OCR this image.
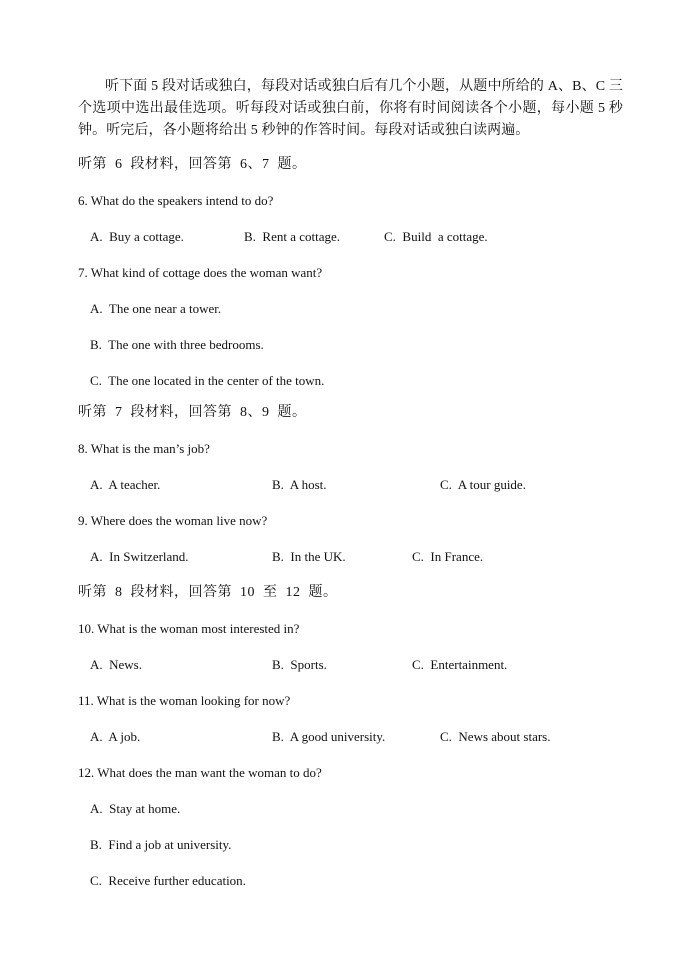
听下面 5 段对话或独白，每段对话或独白后有几个小题，从题中所给的 A、B、C 三个选项中选出最佳选项。听每段对话或独白前，你将有时间阅读各个小题，每小题 5 秒钟。听完后，各小题将给出 5 秒钟的作答时间。每段对话或独白读两遍。
听第  6  段材料，回答第  6、7  题。
6. What do the speakers intend to do?
A.  Buy a cottage.	B.  Rent a cottage.	C.  Build  a cottage.
7. What kind of cottage does the woman want?
A.  The one near a tower.
B.  The one with three bedrooms.
C.  The one located in the center of the town.
听第  7  段材料，回答第  8、9  题。
8. What is the man’s job?
A.  A teacher.	B.  A host.	C.  A tour guide.
9. Where does the woman live now?
A.  In Switzerland.	B.  In the UK.	C.  In France.
听第  8  段材料，回答第  10  至  12  题。
10. What is the woman most interested in?
A.  News.	B.  Sports.	C.  Entertainment.
11. What is the woman looking for now?
A.  A job.	B.  A good university.	C.  News about stars.
12. What does the man want the woman to do?
A.  Stay at home.
B.  Find a job at university.
C.  Receive further education.
